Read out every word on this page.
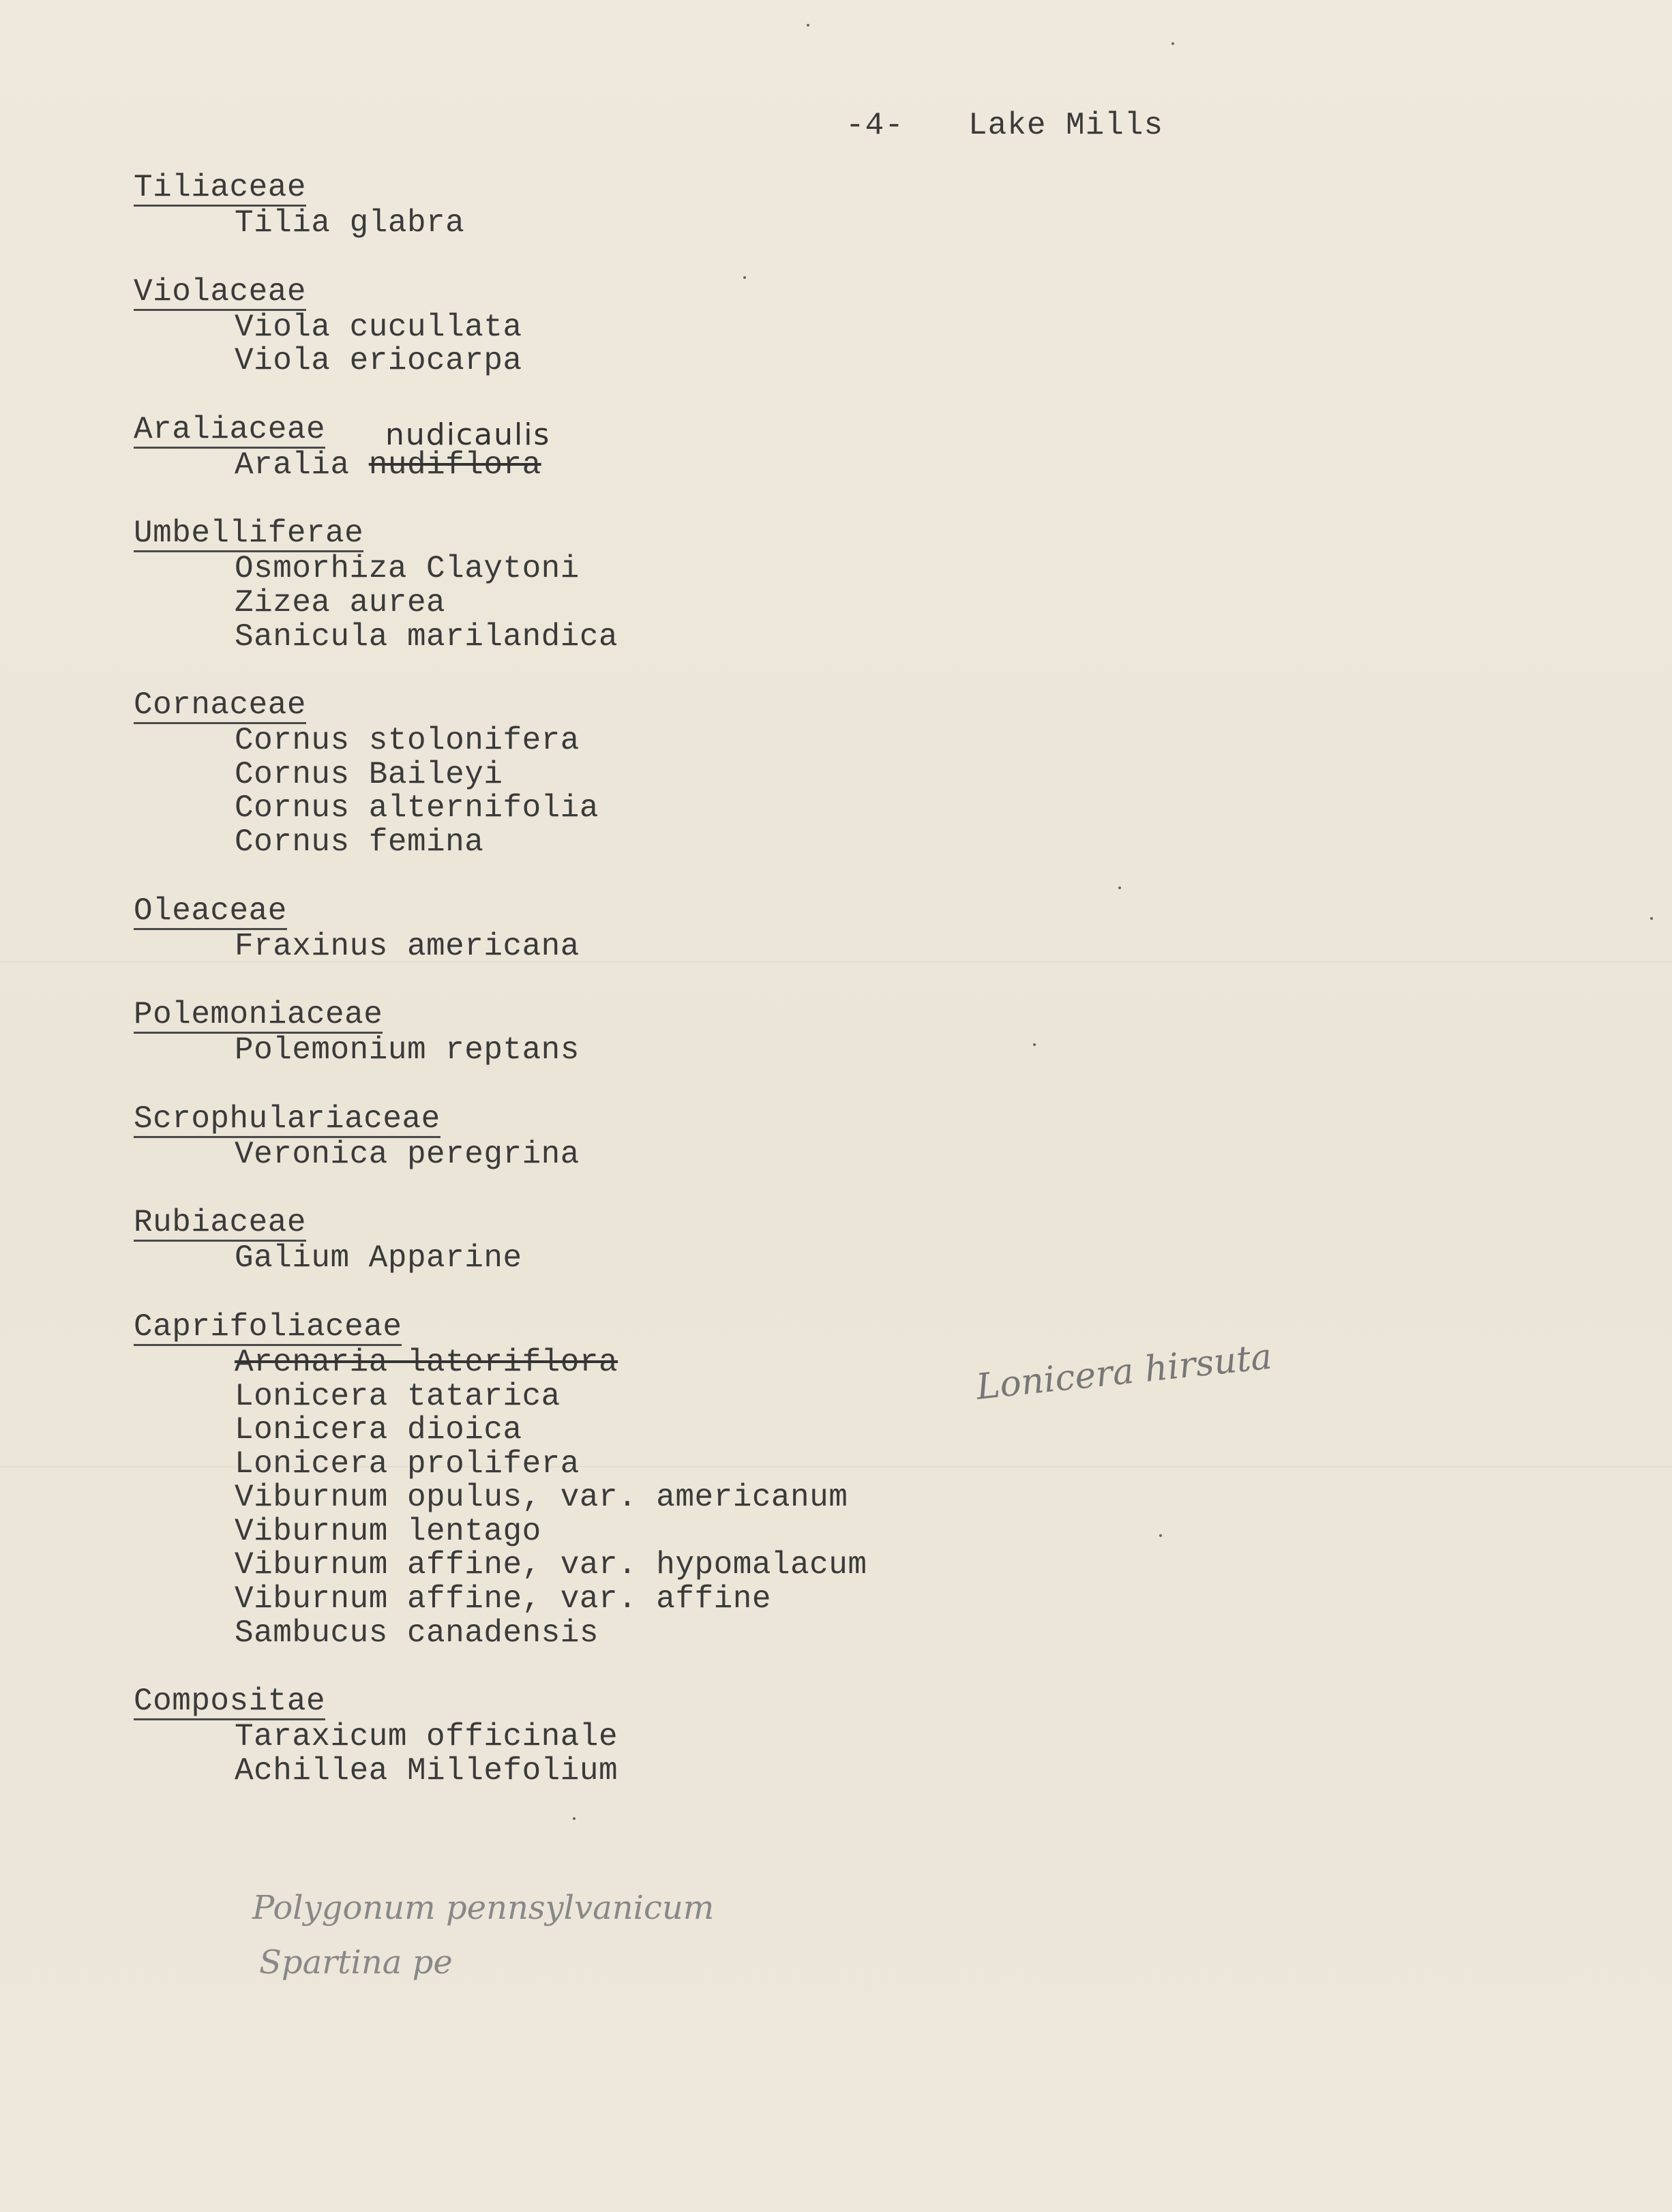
-4- Lake Mills
Tiliaceae
Tilia glabra
Violaceae
Viola cucullata
Viola eriocarpa
Araliaceae
Aralia nudiflora
Umbelliferae
Osmorhiza Claytoni
Zizea aurea
Sanicula marilandica
Cornaceae
Cornus stolonifera
Cornus Baileyi
Cornus alternifolia
Cornus femina
Oleaceae
Fraxinus americana
Polemoniaceae
Polemonium reptans
Scrophulariaceae
Veronica peregrina
Rubiaceae
Galium Apparine
Caprifoliaceae
Arenaria lateriflora
Lonicera tatarica
Lonicera dioica
Lonicera prolifera
Viburnum opulus, var. americanum
Viburnum lentago
Viburnum affine, var. hypomalacum
Viburnum affine, var. affine
Sambucus canadensis
Compositae
Taraxicum officinale
Achillea Millefolium
nudicaulis
Lonicera hirsuta
Polygonum pennsylvanicum
Spartina pe
